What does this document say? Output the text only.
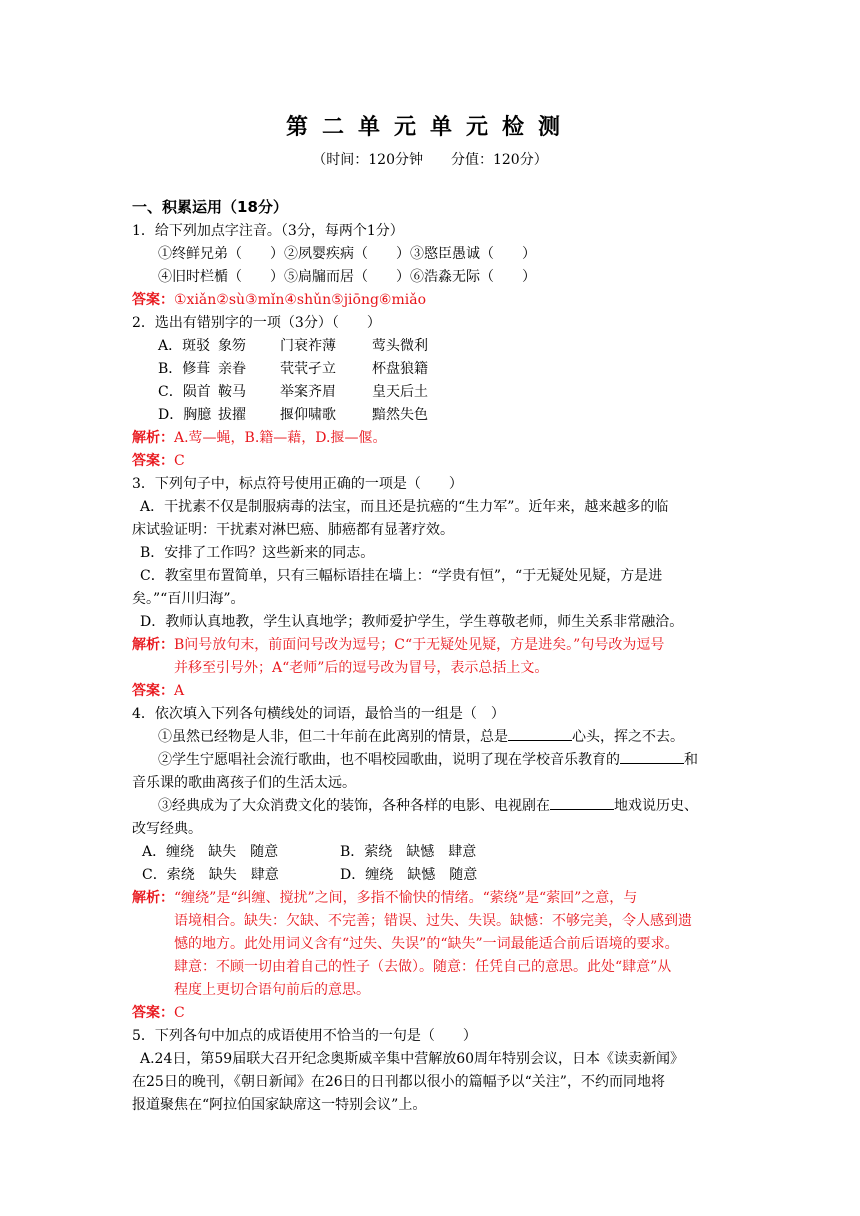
第二单元单元检测
（时间：120分钟　　分值：120分）
一、积累运用（18分）
1．给下列加点字注音。（3分，每两个1分）
①终鲜兄弟（　　）②夙婴疾病（　　）③愍臣愚诚（　　）
④旧时栏楯（　　）⑤扃牖而居（　　）⑥浩淼无际（　　）
答案：①xiǎn②sù③mǐn④shǔn⑤jiōng⑥miǎo
2．选出有错别字的一项（3分）（　　）
A．斑驳 象笏	门衰祚薄	莺头微利
B．修葺 亲眷	茕茕孑立	杯盘狼籍
C．陨首 鞍马	举案齐眉	皇天后土
D．胸臆 拔擢	揠仰啸歌	黯然失色
解析：A.莺—蝇，B.籍—藉，D.揠—偃。
答案：C
3．下列句子中，标点符号使用正确的一项是（　　）
A．干扰素不仅是制服病毒的法宝，而且还是抗癌的“生力军”。近年来，越来越多的临
床试验证明：干扰素对淋巴癌、肺癌都有显著疗效。
B．安排了工作吗？这些新来的同志。
C．教室里布置简单，只有三幅标语挂在墙上：“学贵有恒”，“于无疑处见疑，方是进
矣。”“百川归海”。
D．教师认真地教，学生认真地学；教师爱护学生，学生尊敬老师，师生关系非常融洽。
解析：B问号放句末，前面问号改为逗号；C“于无疑处见疑，方是进矣。”句号改为逗号
并移至引号外；A“老师”后的逗号改为冒号，表示总括上文。
答案：A
4．依次填入下列各句横线处的词语，最恰当的一组是（　）
①虽然已经物是人非，但二十年前在此离别的情景，总是	心头，挥之不去。
②学生宁愿唱社会流行歌曲，也不唱校园歌曲，说明了现在学校音乐教育的	和
音乐课的歌曲离孩子们的生活太远。
③经典成为了大众消费文化的装饰，各种各样的电影、电视剧在	地戏说历史、
改写经典。
A．缠绕　缺失　随意	B．萦绕　缺憾　肆意
C．索绕　缺失　肆意	D．缠绕　缺憾　随意
解析：“缠绕”是“纠缠、搅扰”之间，多指不愉快的情绪。“萦绕”是“萦回”之意，与
语境相合。缺失：欠缺、不完善；错误、过失、失误。缺憾：不够完美，令人感到遗
憾的地方。此处用词义含有“过失、失误”的“缺失”一词最能适合前后语境的要求。
肆意：不顾一切由着自己的性子（去做）。随意：任凭自己的意思。此处“肆意”从
程度上更切合语句前后的意思。
答案：C
5．下列各句中加点的成语使用不恰当的一句是（　　）
A.24日，第59届联大召开纪念奥斯威辛集中营解放60周年特别会议，日本《读卖新闻》
在25日的晚刊，《朝日新闻》在26日的日刊都以很小的篇幅予以“关注”，不约而同地将
报道聚焦在“阿拉伯国家缺席这一特别会议”上。
